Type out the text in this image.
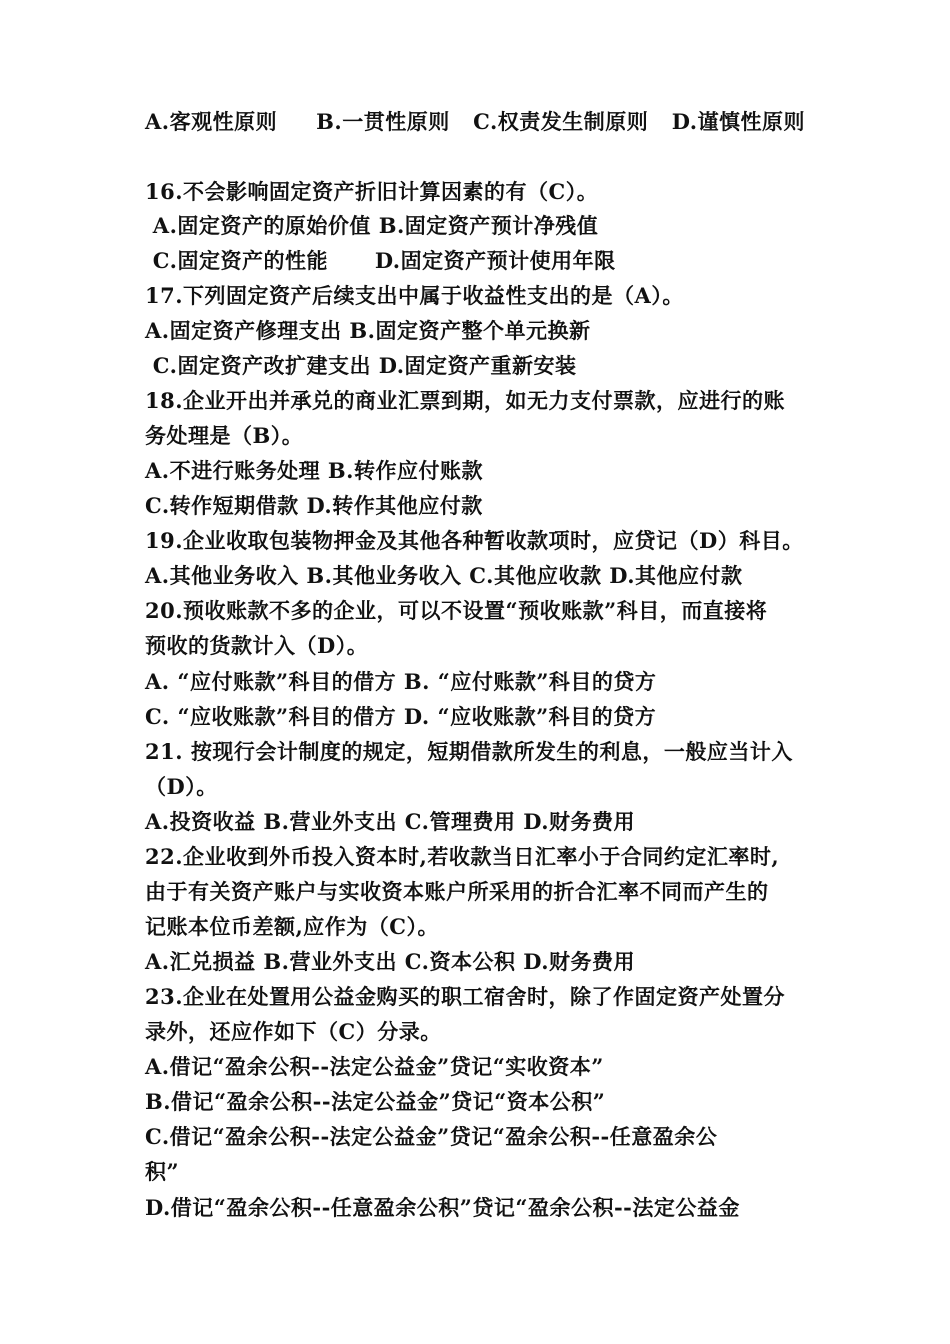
A.客观性原则     B.一贯性原则   C.权责发生制原则   D.谨慎性原则
16.不会影响固定资产折旧计算因素的有（C）。
A.固定资产的原始价值 B.固定资产预计净残值
C.固定资产的性能      D.固定资产预计使用年限
17.下列固定资产后续支出中属于收益性支出的是（A）。
A.固定资产修理支出 B.固定资产整个单元换新
C.固定资产改扩建支出 D.固定资产重新安装
18.企业开出并承兑的商业汇票到期，如无力支付票款，应进行的账
务处理是（B）。
A.不进行账务处理 B.转作应付账款
C.转作短期借款 D.转作其他应付款
19.企业收取包装物押金及其他各种暂收款项时，应贷记（D）科目。
A.其他业务收入 B.其他业务收入 C.其他应收款 D.其他应付款
20.预收账款不多的企业，可以不设置“预收账款”科目，而直接将
预收的货款计入（D）。
A. “应付账款”科目的借方 B. “应付账款”科目的贷方
C. “应收账款”科目的借方 D. “应收账款”科目的贷方
21. 按现行会计制度的规定，短期借款所发生的利息，一般应当计入
（D）。
A.投资收益 B.营业外支出 C.管理费用 D.财务费用
22.企业收到外币投入资本时,若收款当日汇率小于合同约定汇率时,
由于有关资产账户与实收资本账户所采用的折合汇率不同而产生的
记账本位币差额,应作为（C）。
A.汇兑损益 B.营业外支出 C.资本公积 D.财务费用
23.企业在处置用公益金购买的职工宿舍时，除了作固定资产处置分
录外，还应作如下（C）分录。
A.借记“盈余公积--法定公益金”贷记“实收资本”
B.借记“盈余公积--法定公益金”贷记“资本公积”
C.借记“盈余公积--法定公益金”贷记“盈余公积--任意盈余公
积”
D.借记“盈余公积--任意盈余公积”贷记“盈余公积--法定公益金
